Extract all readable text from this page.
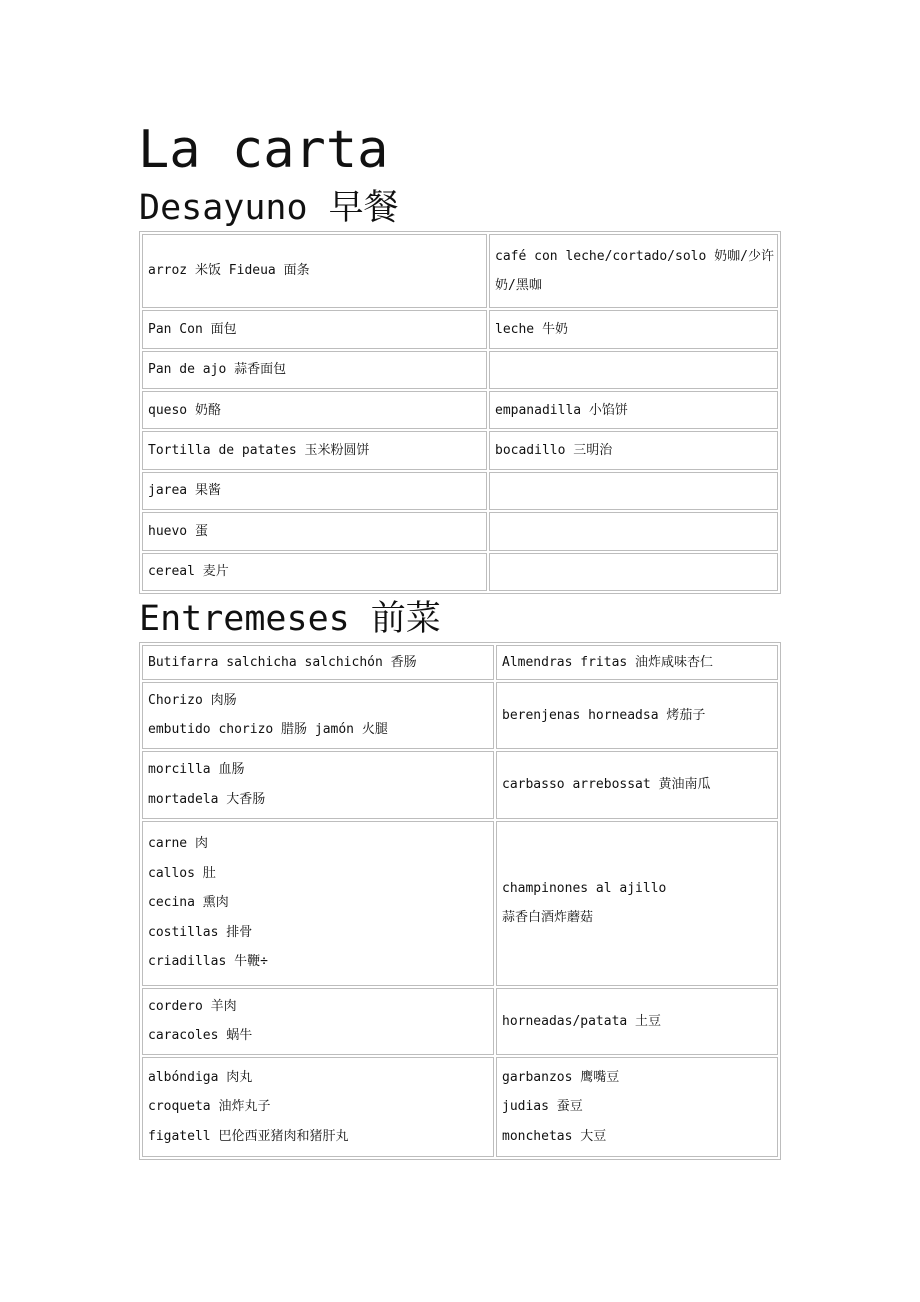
La carta
Desayuno 早餐
arroz 米饭 Fideua 面条	café con leche/cortado/solo 奶咖/少许
奶/黑咖

Pan Con 面包	leche 牛奶

Pan de ajo 蒜香面包	

queso 奶酪	empanadilla 小馅饼

Tortilla de patates 玉米粉圆饼	bocadillo 三明治

jarea 果酱	

huevo 蛋	

cereal 麦片	

Entremeses 前菜
Butifarra salchicha salchichón 香肠	Almendras fritas 油炸咸味杏仁

Chorizo 肉肠
embutido chorizo 腊肠 jamón 火腿	berenjenas horneadsa 烤茄子

morcilla 血肠
mortadela 大香肠	carbasso arrebossat 黄油南瓜

carne 肉
callos 肚
cecina 熏肉
costillas 排骨
criadillas 牛鞭÷	champinones al ajillo
蒜香白酒炸蘑菇

cordero 羊肉
caracoles 蜗牛	horneadas/patata 土豆

albóndiga 肉丸
croqueta 油炸丸子
figatell 巴伦西亚猪肉和猪肝丸	garbanzos 鹰嘴豆
judias 蚕豆
monchetas 大豆
